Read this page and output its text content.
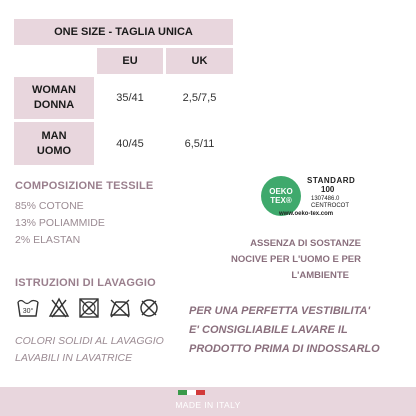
ONE SIZE - TAGLIA UNICA
EU	UK
WOMAN
DONNA
35/41	2,5/7,5
MAN
UOMO
40/45	6,5/11
COMPOSIZIONE TESSILE
85% COTONE
13% POLIAMMIDE
2% ELASTAN
OEKO
TEX®
STANDARD
100
1307486.0
CENTROCOT
www.oeko-tex.com
ASSENZA DI SOSTANZE
NOCIVE PER L'UOMO E PER
L'AMBIENTE
ISTRUZIONI DI LAVAGGIO
30°
COLORI SOLIDI AL LAVAGGIO
LAVABILI IN LAVATRICE
PER UNA PERFETTA VESTIBILITA'
E' CONSIGLIABILE LAVARE IL
PRODOTTO PRIMA DI INDOSSARLO
MADE IN ITALY
